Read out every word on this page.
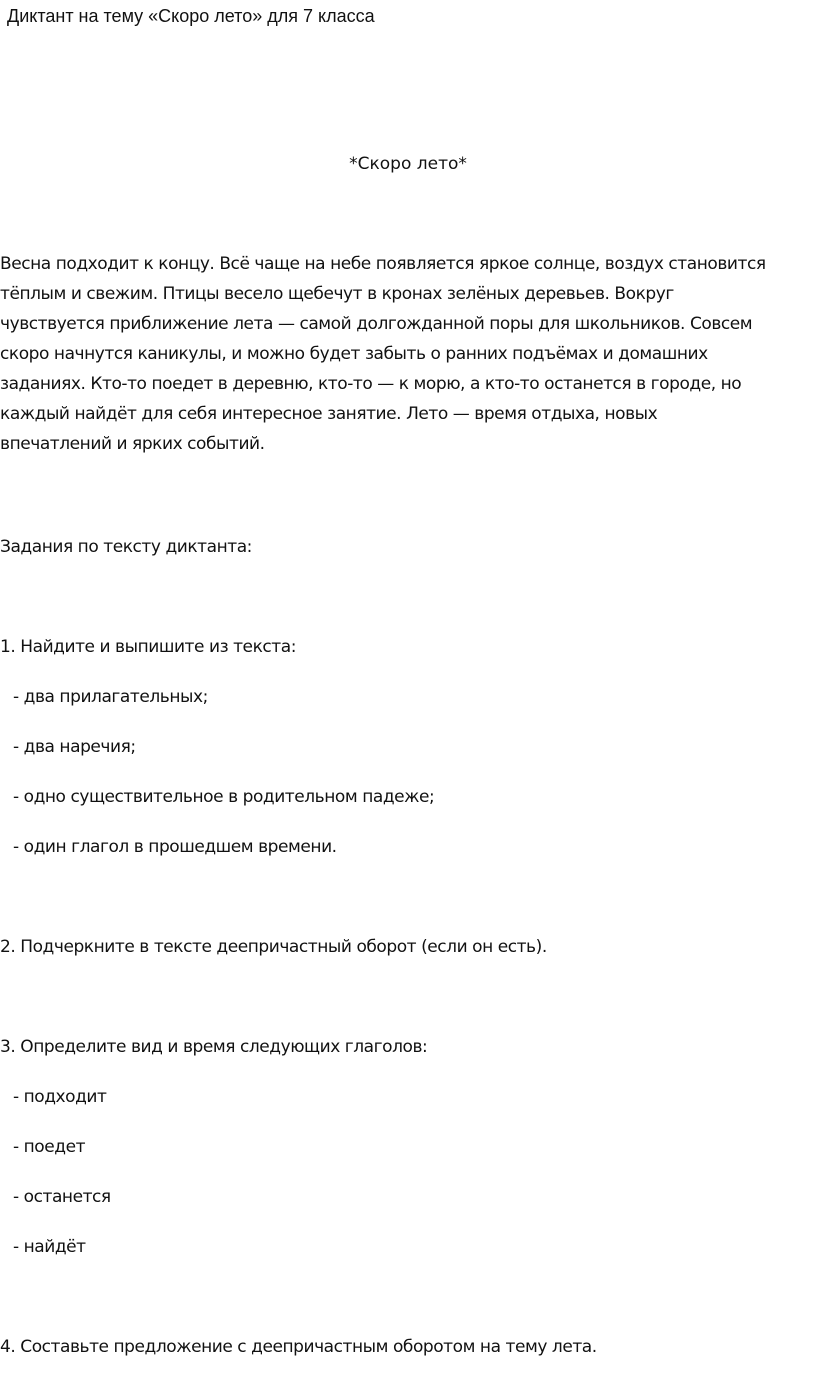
Диктант на тему «Скоро лето» для 7 класса
*Скоро лето*
Весна подходит к концу. Всё чаще на небе появляется яркое солнце, воздух становится
тёплым и свежим. Птицы весело щебечут в кронах зелёных деревьев. Вокруг
чувствуется приближение лета — самой долгожданной поры для школьников. Совсем
скоро начнутся каникулы, и можно будет забыть о ранних подъёмах и домашних
заданиях. Кто-то поедет в деревню, кто-то — к морю, а кто-то останется в городе, но
каждый найдёт для себя интересное занятие. Лето — время отдыха, новых
впечатлений и ярких событий.
Задания по тексту диктанта:
1. Найдите и выпишите из текста:
- два прилагательных;
- два наречия;
- одно существительное в родительном падеже;
- один глагол в прошедшем времени.
2. Подчеркните в тексте деепричастный оборот (если он есть).
3. Определите вид и время следующих глаголов:
- подходит
- поедет
- останется
- найдёт
4. Составьте предложение с деепричастным оборотом на тему лета.
